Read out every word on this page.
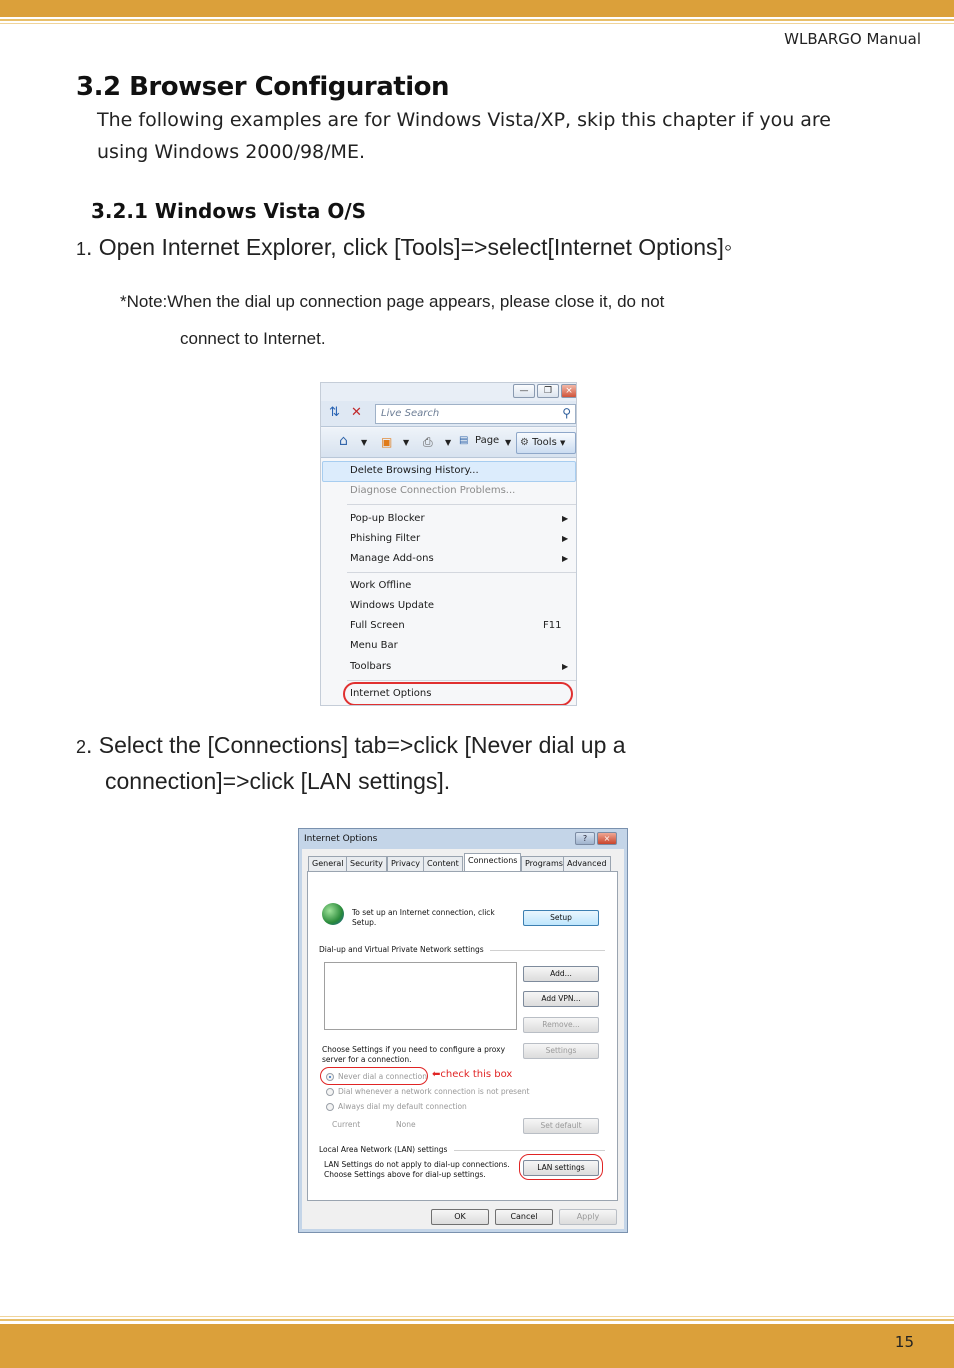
WLBARGO Manual
3.2 Browser Configuration
The following examples are for Windows Vista/XP, skip this chapter if you are
using Windows 2000/98/ME.
3.2.1 Windows Vista O/S
1. Open Internet Explorer, click [Tools]=>select[Internet Options]◦
*Note:When the dial up connection page appears, please close it, do not
connect to Internet.
—	❐	×
⇅ ✕	Live Search	⚲
⌂ ▼ ▣ ▼ ⎙ ▼ ▤ Page ▼ ⚙ Tools ▼
Delete Browsing History...
Diagnose Connection Problems...
Pop-up Blocker	▶
Phishing Filter	▶
Manage Add-ons	▶
Work Offline
Windows Update
Full Screen	F11
Menu Bar
Toolbars	▶
Internet Options
2. Select the [Connections] tab=>click [Never dial up a
connection]=>click [LAN settings].
Internet Options	?	×
General Security	Privacy Content	Connections Programs Advanced
To set up an Internet connection, click
Setup.
Setup
Dial-up and Virtual Private Network settings
Add...
Add VPN...
Remove...
Choose Settings if you need to configure a proxy
server for a connection.
Settings
Never dial a connection ⬅check this box
Dial whenever a network connection is not present
Always dial my default connection
Current	None	Set default
Local Area Network (LAN) settings
LAN Settings do not apply to dial-up connections.
Choose Settings above for dial-up settings.
LAN settings
OK	Cancel	Apply
15
